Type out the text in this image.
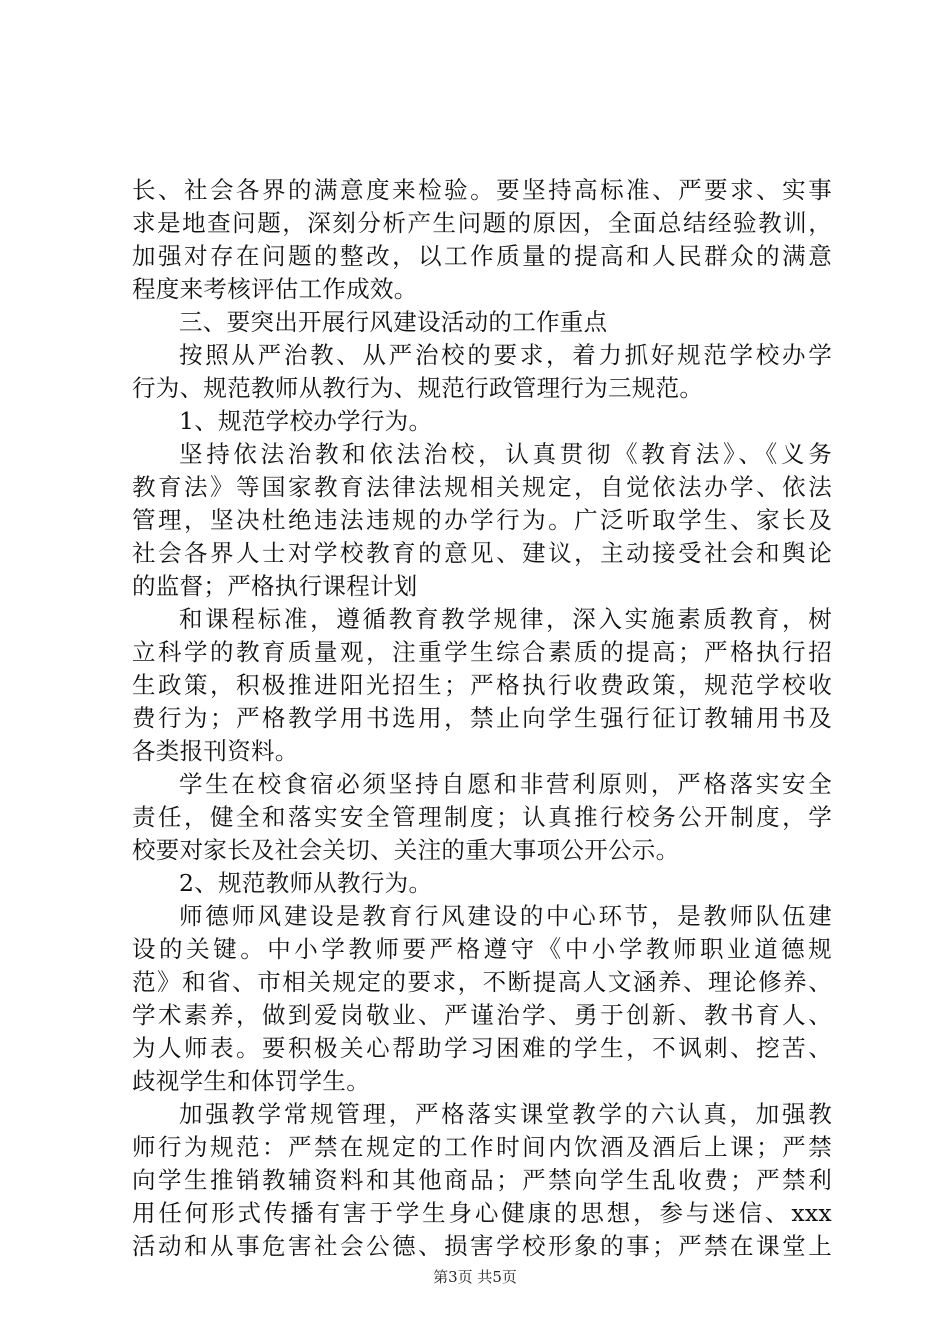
长、社会各界的满意度来检验。要坚持高标准、严要求、实事
求是地查问题，深刻分析产生问题的原因，全面总结经验教训，
加强对存在问题的整改，以工作质量的提高和人民群众的满意
程度来考核评估工作成效。
三、要突出开展行风建设活动的工作重点
按照从严治教、从严治校的要求，着力抓好规范学校办学
行为、规范教师从教行为、规范行政管理行为三规范。
1、规范学校办学行为。
坚持依法治教和依法治校，认真贯彻《教育法》、《义务
教育法》等国家教育法律法规相关规定，自觉依法办学、依法
管理，坚决杜绝违法违规的办学行为。广泛听取学生、家长及
社会各界人士对学校教育的意见、建议，主动接受社会和舆论
的监督；严格执行课程计划
和课程标准，遵循教育教学规律，深入实施素质教育，树
立科学的教育质量观，注重学生综合素质的提高；严格执行招
生政策，积极推进阳光招生；严格执行收费政策，规范学校收
费行为；严格教学用书选用，禁止向学生强行征订教辅用书及
各类报刊资料。
学生在校食宿必须坚持自愿和非营利原则，严格落实安全
责任，健全和落实安全管理制度；认真推行校务公开制度，学
校要对家长及社会关切、关注的重大事项公开公示。
2、规范教师从教行为。
师德师风建设是教育行风建设的中心环节，是教师队伍建
设的关键。中小学教师要严格遵守《中小学教师职业道德规
范》和省、市相关规定的要求，不断提高人文涵养、理论修养、
学术素养，做到爱岗敬业、严谨治学、勇于创新、教书育人、
为人师表。要积极关心帮助学习困难的学生，不讽刺、挖苦、
歧视学生和体罚学生。
加强教学常规管理，严格落实课堂教学的六认真，加强教
师行为规范：严禁在规定的工作时间内饮酒及酒后上课；严禁
向学生推销教辅资料和其他商品；严禁向学生乱收费；严禁利
用任何形式传播有害于学生身心健康的思想，参与迷信、xxx
活动和从事危害社会公德、损害学校形象的事；严禁在课堂上
第3页 共5页
